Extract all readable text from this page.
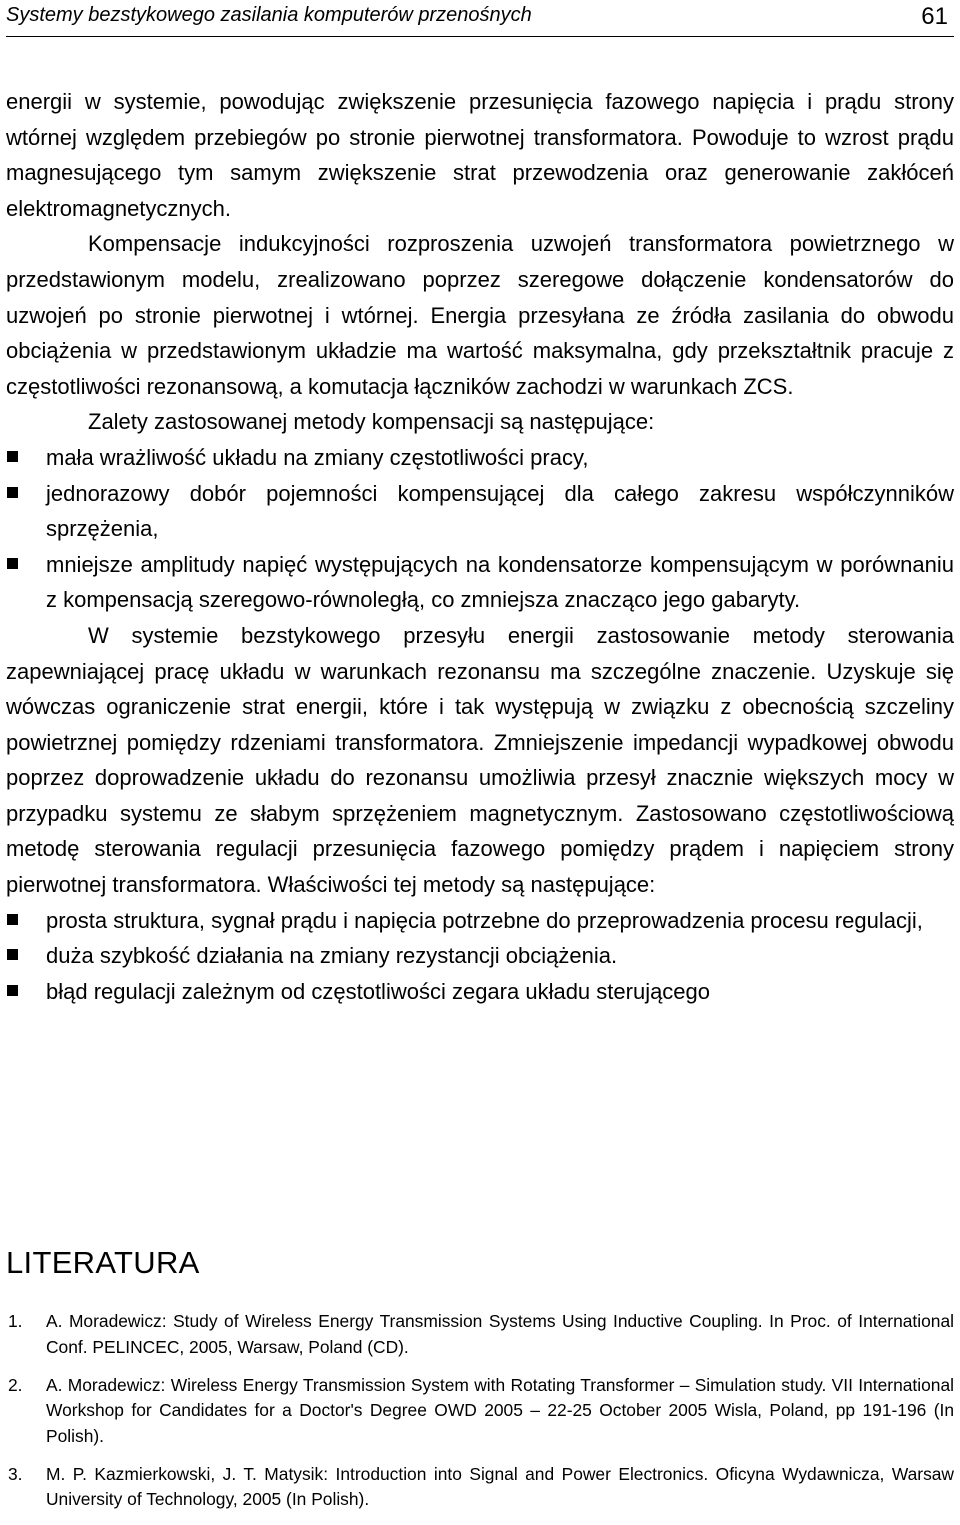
Systemy bezstykowego zasilania komputerów przenośnych	61

energii w systemie, powodując zwiększenie przesunięcia fazowego napięcia i prądu strony wtórnej względem przebiegów po stronie pierwotnej transformatora. Powoduje to wzrost prądu magnesującego tym samym zwiększenie strat przewodzenia oraz generowanie zakłóceń elektromagnetycznych.

Kompensacje indukcyjności rozproszenia uzwojeń transformatora powietrznego w przedstawionym modelu, zrealizowano poprzez szeregowe dołączenie kondensatorów do uzwojeń po stronie pierwotnej i wtórnej. Energia przesyłana ze źródła zasilania do obwodu obciążenia w przedstawionym układzie ma wartość maksymalna, gdy przekształtnik pracuje z częstotliwości rezonansową, a komutacja łączników zachodzi w warunkach ZCS.

Zalety zastosowanej metody kompensacji są następujące:

mała wrażliwość układu na zmiany częstotliwości pracy,
jednorazowy dobór pojemności kompensującej dla całego zakresu współczynników sprzężenia,
mniejsze amplitudy napięć występujących na kondensatorze kompensującym w porównaniu z kompensacją szeregowo-równoległą, co zmniejsza znacząco jego gabaryty.

W systemie bezstykowego przesyłu energii zastosowanie metody sterowania zapewniającej pracę układu w warunkach rezonansu ma szczególne znaczenie. Uzyskuje się wówczas ograniczenie strat energii, które i tak występują w związku z obecnością szczeliny powietrznej pomiędzy rdzeniami transformatora. Zmniejszenie impedancji wypadkowej obwodu poprzez doprowadzenie układu do rezonansu umożliwia przesył znacznie większych mocy w przypadku systemu ze słabym sprzężeniem magnetycznym. Zastosowano częstotliwościową metodę sterowania regulacji przesunięcia fazowego pomiędzy prądem i napięciem strony pierwotnej transformatora. Właściwości tej metody są następujące:

prosta struktura, sygnał prądu i napięcia potrzebne do przeprowadzenia procesu regulacji,
duża szybkość działania na zmiany rezystancji obciążenia.
błąd regulacji zależnym od częstotliwości zegara układu sterującego
LITERATURA
1. A. Moradewicz: Study of Wireless Energy Transmission Systems Using Inductive Coupling. In Proc. of International Conf. PELINCEC, 2005, Warsaw, Poland (CD).
2. A. Moradewicz: Wireless Energy Transmission System with Rotating Transformer – Simulation study. VII International Workshop for Candidates for a Doctor's Degree OWD 2005 – 22-25 October 2005 Wisla, Poland, pp 191-196 (In Polish).
3. M. P. Kazmierkowski, J. T. Matysik: Introduction into Signal and Power Electronics. Oficyna Wydawnicza, Warsaw University of Technology, 2005 (In Polish).
